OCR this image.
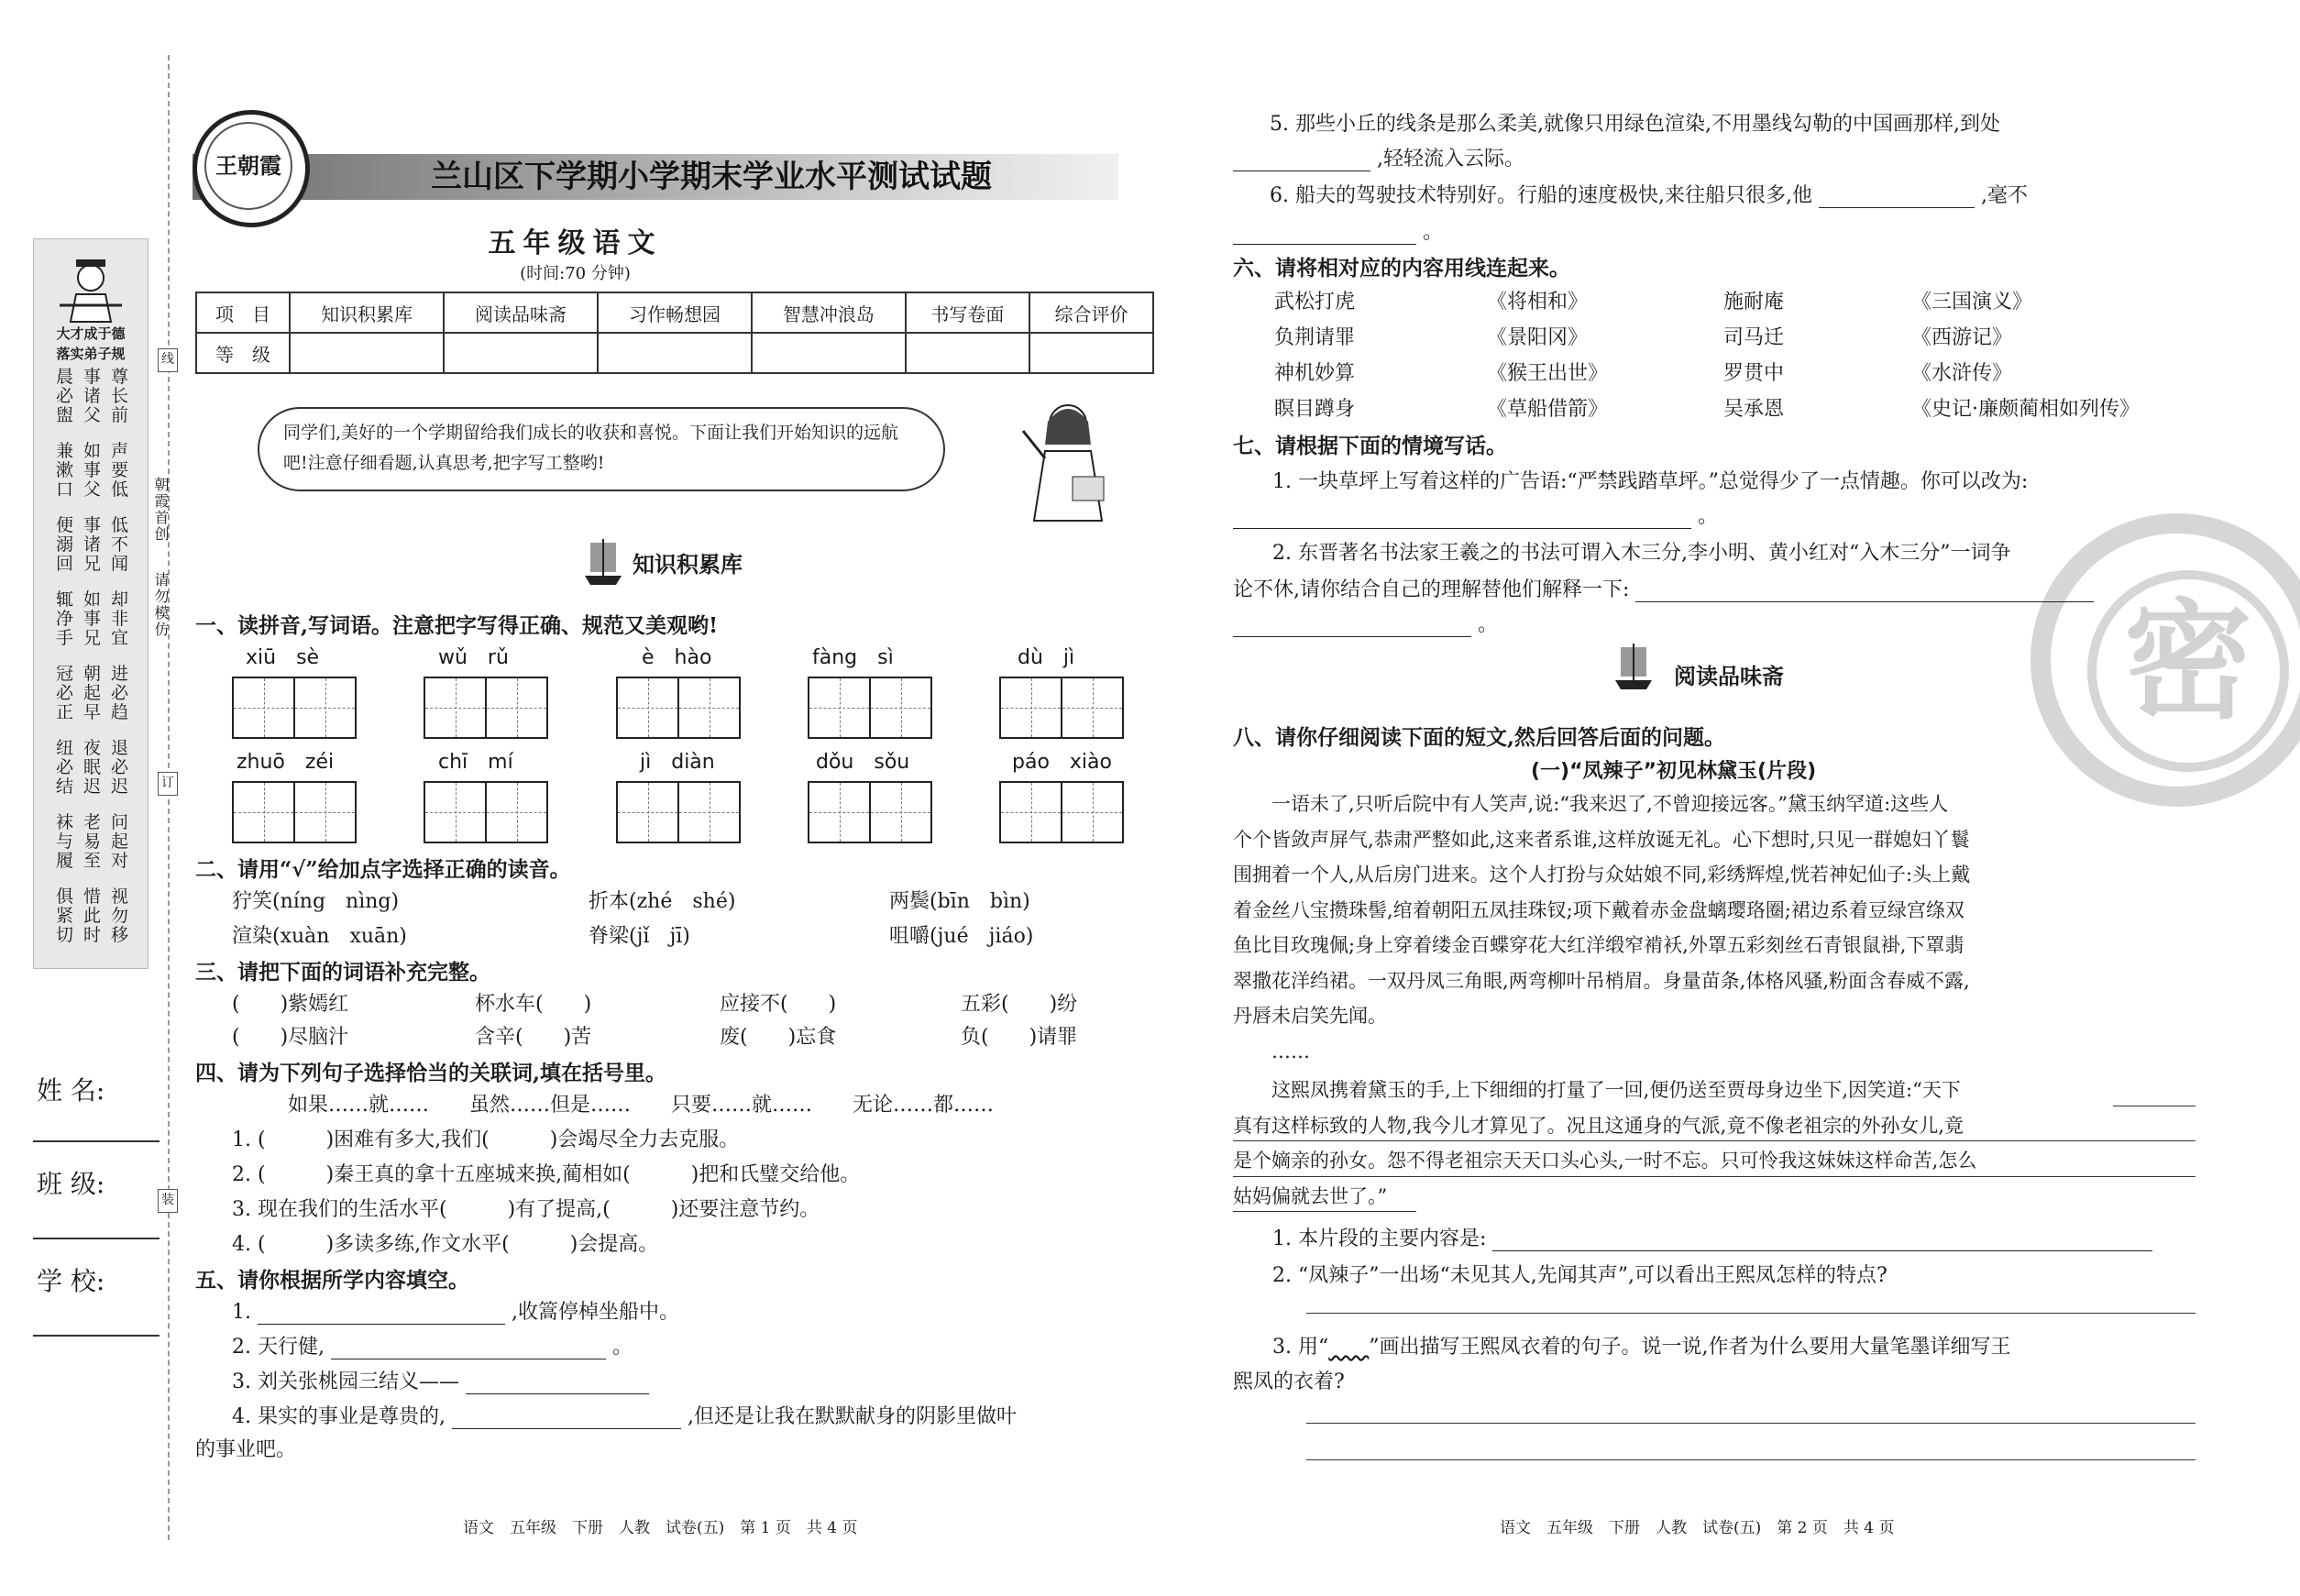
大才成于德
落实弟子规
晨必盥
事诸父
尊长前
兼漱口
如事父
声要低
便溺回
事诸兄
低不闻
辄净手
如事兄
却非宜
冠必正
朝起早
进必趋
纽必结
夜眠迟
退必迟
袜与履
老易至
问起对
俱紧切
惜此时
视勿移
线
订
装
朝霞首创
请勿模仿
姓 名:
班 级:
学 校:
兰山区下学期小学期末学业水平测试试题
王朝霞
五年级语文
(时间:70 分钟)
项　目	知识积累库	阅读品味斋	习作畅想园	智慧冲浪岛	书写卷面	综合评价
等　级						
同学们,美好的一个学期留给我们成长的收获和喜悦。下面让我们开始知识的远航吧!注意仔细看题,认真思考,把字写工整哟!
知识积累库
一、读拼音,写词语。注意把字写得正确、规范又美观哟!
xiū　sè	wǔ　rǔ	è　hào	fàng　sì	dù　jì
zhuō　zéi	chī　mí	jì　diàn	dǒu　sǒu	páo　xiào
二、请用“√”给加点字选择正确的读音。
狞笑(níng　nìng)	折本(zhé　shé)	两鬓(bīn　bìn)
渲染(xuàn　xuān)	脊梁(jǐ　jī)	咀嚼(jué　jiáo)
三、请把下面的词语补充完整。
(　　)紫嫣红	杯水车(　　)	应接不(　　)	五彩(　　)纷
(　　)尽脑汁	含辛(　　)苦	废(　　)忘食	负(　　)请罪
四、请为下列句子选择恰当的关联词,填在括号里。
如果……就……　　虽然……但是……　　只要……就……　　无论……都……
1. (　　　)困难有多大,我们(　　　)会竭尽全力去克服。
2. (　　　)秦王真的拿十五座城来换,蔺相如(　　　)把和氏璧交给他。
3. 现在我们的生活水平(　　　)有了提高,(　　　)还要注意节约。
4. (　　　)多读多练,作文水平(　　　)会提高。
五、请你根据所学内容填空。
1.	,收篙停棹坐船中。
2. 天行健,	。
3. 刘关张桃园三结义——
4. 果实的事业是尊贵的,	,但还是让我在默默献身的阴影里做叶
的事业吧。
语文　五年级　下册　人教　试卷(五)　第 1 页　共 4 页
密
5. 那些小丘的线条是那么柔美,就像只用绿色渲染,不用墨线勾勒的中国画那样,到处
,轻轻流入云际。
6. 船夫的驾驶技术特别好。行船的速度极快,来往船只很多,他	,毫不
。
六、请将相对应的内容用线连起来。
武松打虎	《将相和》	施耐庵	《三国演义》
负荆请罪	《景阳冈》	司马迁	《西游记》
神机妙算	《猴王出世》	罗贯中	《水浒传》
瞑目蹲身	《草船借箭》	吴承恩	《史记·廉颇蔺相如列传》
七、请根据下面的情境写话。
1. 一块草坪上写着这样的广告语:“严禁践踏草坪。”总觉得少了一点情趣。你可以改为:
。
2. 东晋著名书法家王羲之的书法可谓入木三分,李小明、黄小红对“入木三分”一词争
论不休,请你结合自己的理解替他们解释一下:
。
阅读品味斋
八、请你仔细阅读下面的短文,然后回答后面的问题。
(一)“凤辣子”初见林黛玉(片段)
一语未了,只听后院中有人笑声,说:“我来迟了,不曾迎接远客。”黛玉纳罕道:这些人
个个皆敛声屏气,恭肃严整如此,这来者系谁,这样放诞无礼。心下想时,只见一群媳妇丫鬟
围拥着一个人,从后房门进来。这个人打扮与众姑娘不同,彩绣辉煌,恍若神妃仙子:头上戴
着金丝八宝攒珠髻,绾着朝阳五凤挂珠钗;项下戴着赤金盘螭璎珞圈;裙边系着豆绿宫绦双
鱼比目玫瑰佩;身上穿着缕金百蝶穿花大红洋缎窄褃袄,外罩五彩刻丝石青银鼠褂,下罩翡
翠撒花洋绉裙。一双丹凤三角眼,两弯柳叶吊梢眉。身量苗条,体格风骚,粉面含春威不露,
丹唇未启笑先闻。
……
这熙凤携着黛玉的手,上下细细的打量了一回,便仍送至贾母身边坐下,因笑道:“天下
真有这样标致的人物,我今儿才算见了。况且这通身的气派,竟不像老祖宗的外孙女儿,竟
是个嫡亲的孙女。怨不得老祖宗天天口头心头,一时不忘。只可怜我这妹妹这样命苦,怎么
姑妈偏就去世了。”
1. 本片段的主要内容是:
2. “凤辣子”一出场“未见其人,先闻其声”,可以看出王熙凤怎样的特点?
3. 用“　　 ”画出描写王熙凤衣着的句子。说一说,作者为什么要用大量笔墨详细写王
熙凤的衣着?
语文　五年级　下册　人教　试卷(五)　第 2 页　共 4 页
